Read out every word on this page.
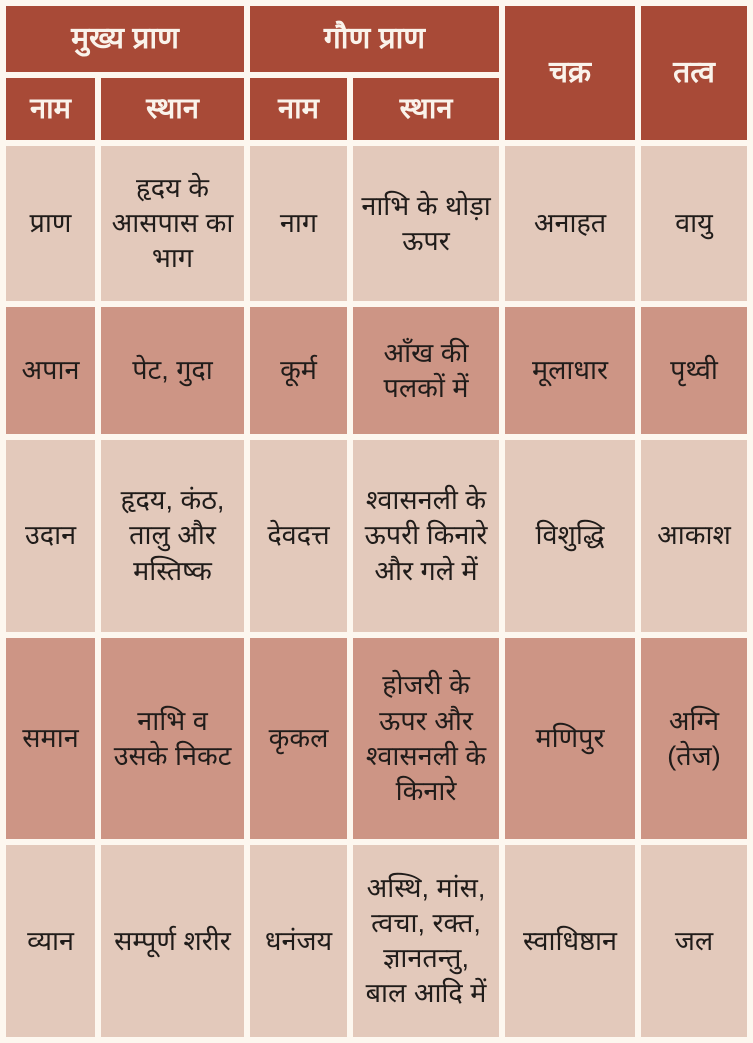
मुख्य प्राण		गौण प्राण		चक्र	तत्व
नाम	स्थान	नाम	स्थान		
प्राण	हृदय के आसपास का भाग	नाग	नाभि के थोड़ा ऊपर	अनाहत	वायु
अपान	पेट, गुदा	कूर्म	आँख की पलकों में	मूलाधार	पृथ्वी
उदान	हृदय, कंठ, तालु और मस्तिष्क	देवदत्त	श्वासनली के ऊपरी किनारे और गले में	विशुद्धि	आकाश
समान	नाभि व उसके निकट	कृकल	होजरी के ऊपर और श्वासनली के किनारे	मणिपुर	अग्नि (तेज)
व्यान	सम्पूर्ण शरीर	धनंजय	अस्थि, मांस, त्वचा, रक्त, ज्ञानतन्तु, बाल आदि में	स्वाधिष्ठान	जल
